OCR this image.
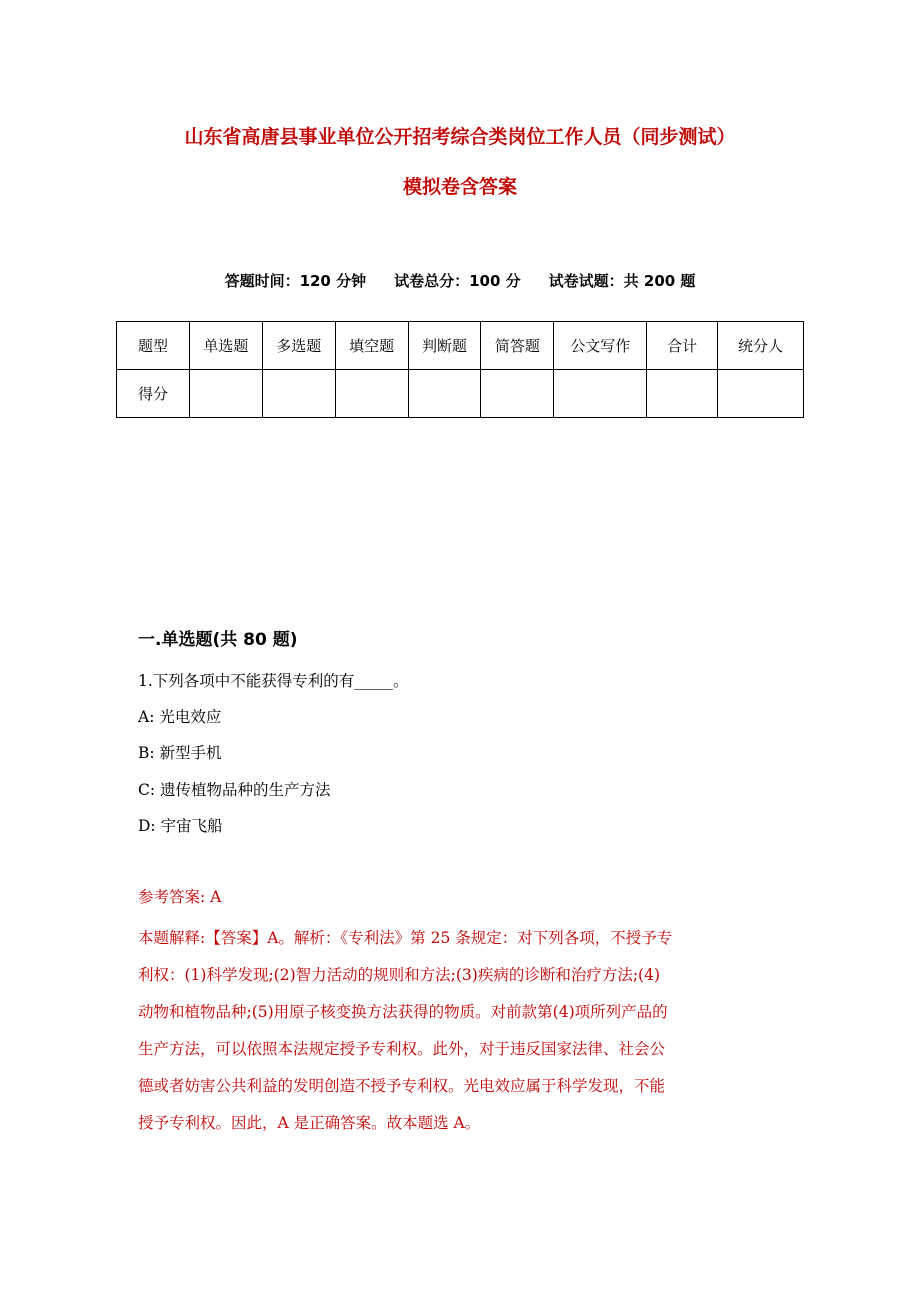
山东省高唐县事业单位公开招考综合类岗位工作人员（同步测试）
模拟卷含答案
答题时间：120 分钟 试卷总分：100 分 试卷试题：共 200 题
题型	单选题	多选题	填空题	判断题	简答题	公文写作	合计	统分人
得分								
一.单选题(共 80 题)
1.下列各项中不能获得专利的有_____。
A: 光电效应
B: 新型手机
C: 遗传植物品种的生产方法
D: 宇宙飞船
参考答案: A
本题解释:【答案】A。解析：《专利法》第 25 条规定：对下列各项，不授予专
利权：(1)科学发现;(2)智力活动的规则和方法;(3)疾病的诊断和治疗方法;(4)
动物和植物品种;(5)用原子核变换方法获得的物质。对前款第(4)项所列产品的
生产方法，可以依照本法规定授予专利权。此外，对于违反国家法律、社会公
德或者妨害公共利益的发明创造不授予专利权。光电效应属于科学发现，不能
授予专利权。因此，A 是正确答案。故本题选 A。
